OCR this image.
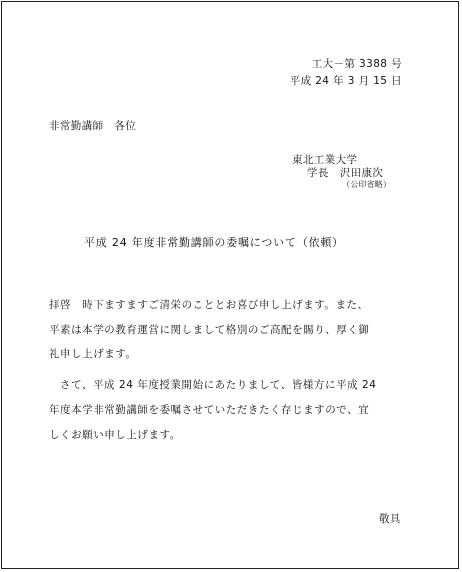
工大－第 3388 号
平成 24 年 3 月 15 日
非常勤講師　各位
東北工業大学
学長　沢田康次
（公印省略）
平成 24 年度非常勤講師の委嘱について（依頼）
拝啓　時下ますますご清栄のこととお喜び申し上げます。また、
平素は本学の教育運営に関しまして格別のご高配を賜り、厚く御
礼申し上げます。
　さて、平成 24 年度授業開始にあたりまして、皆様方に平成 24
年度本学非常勤講師を委嘱させていただきたく存じますので、宜
しくお願い申し上げます。
敬具
